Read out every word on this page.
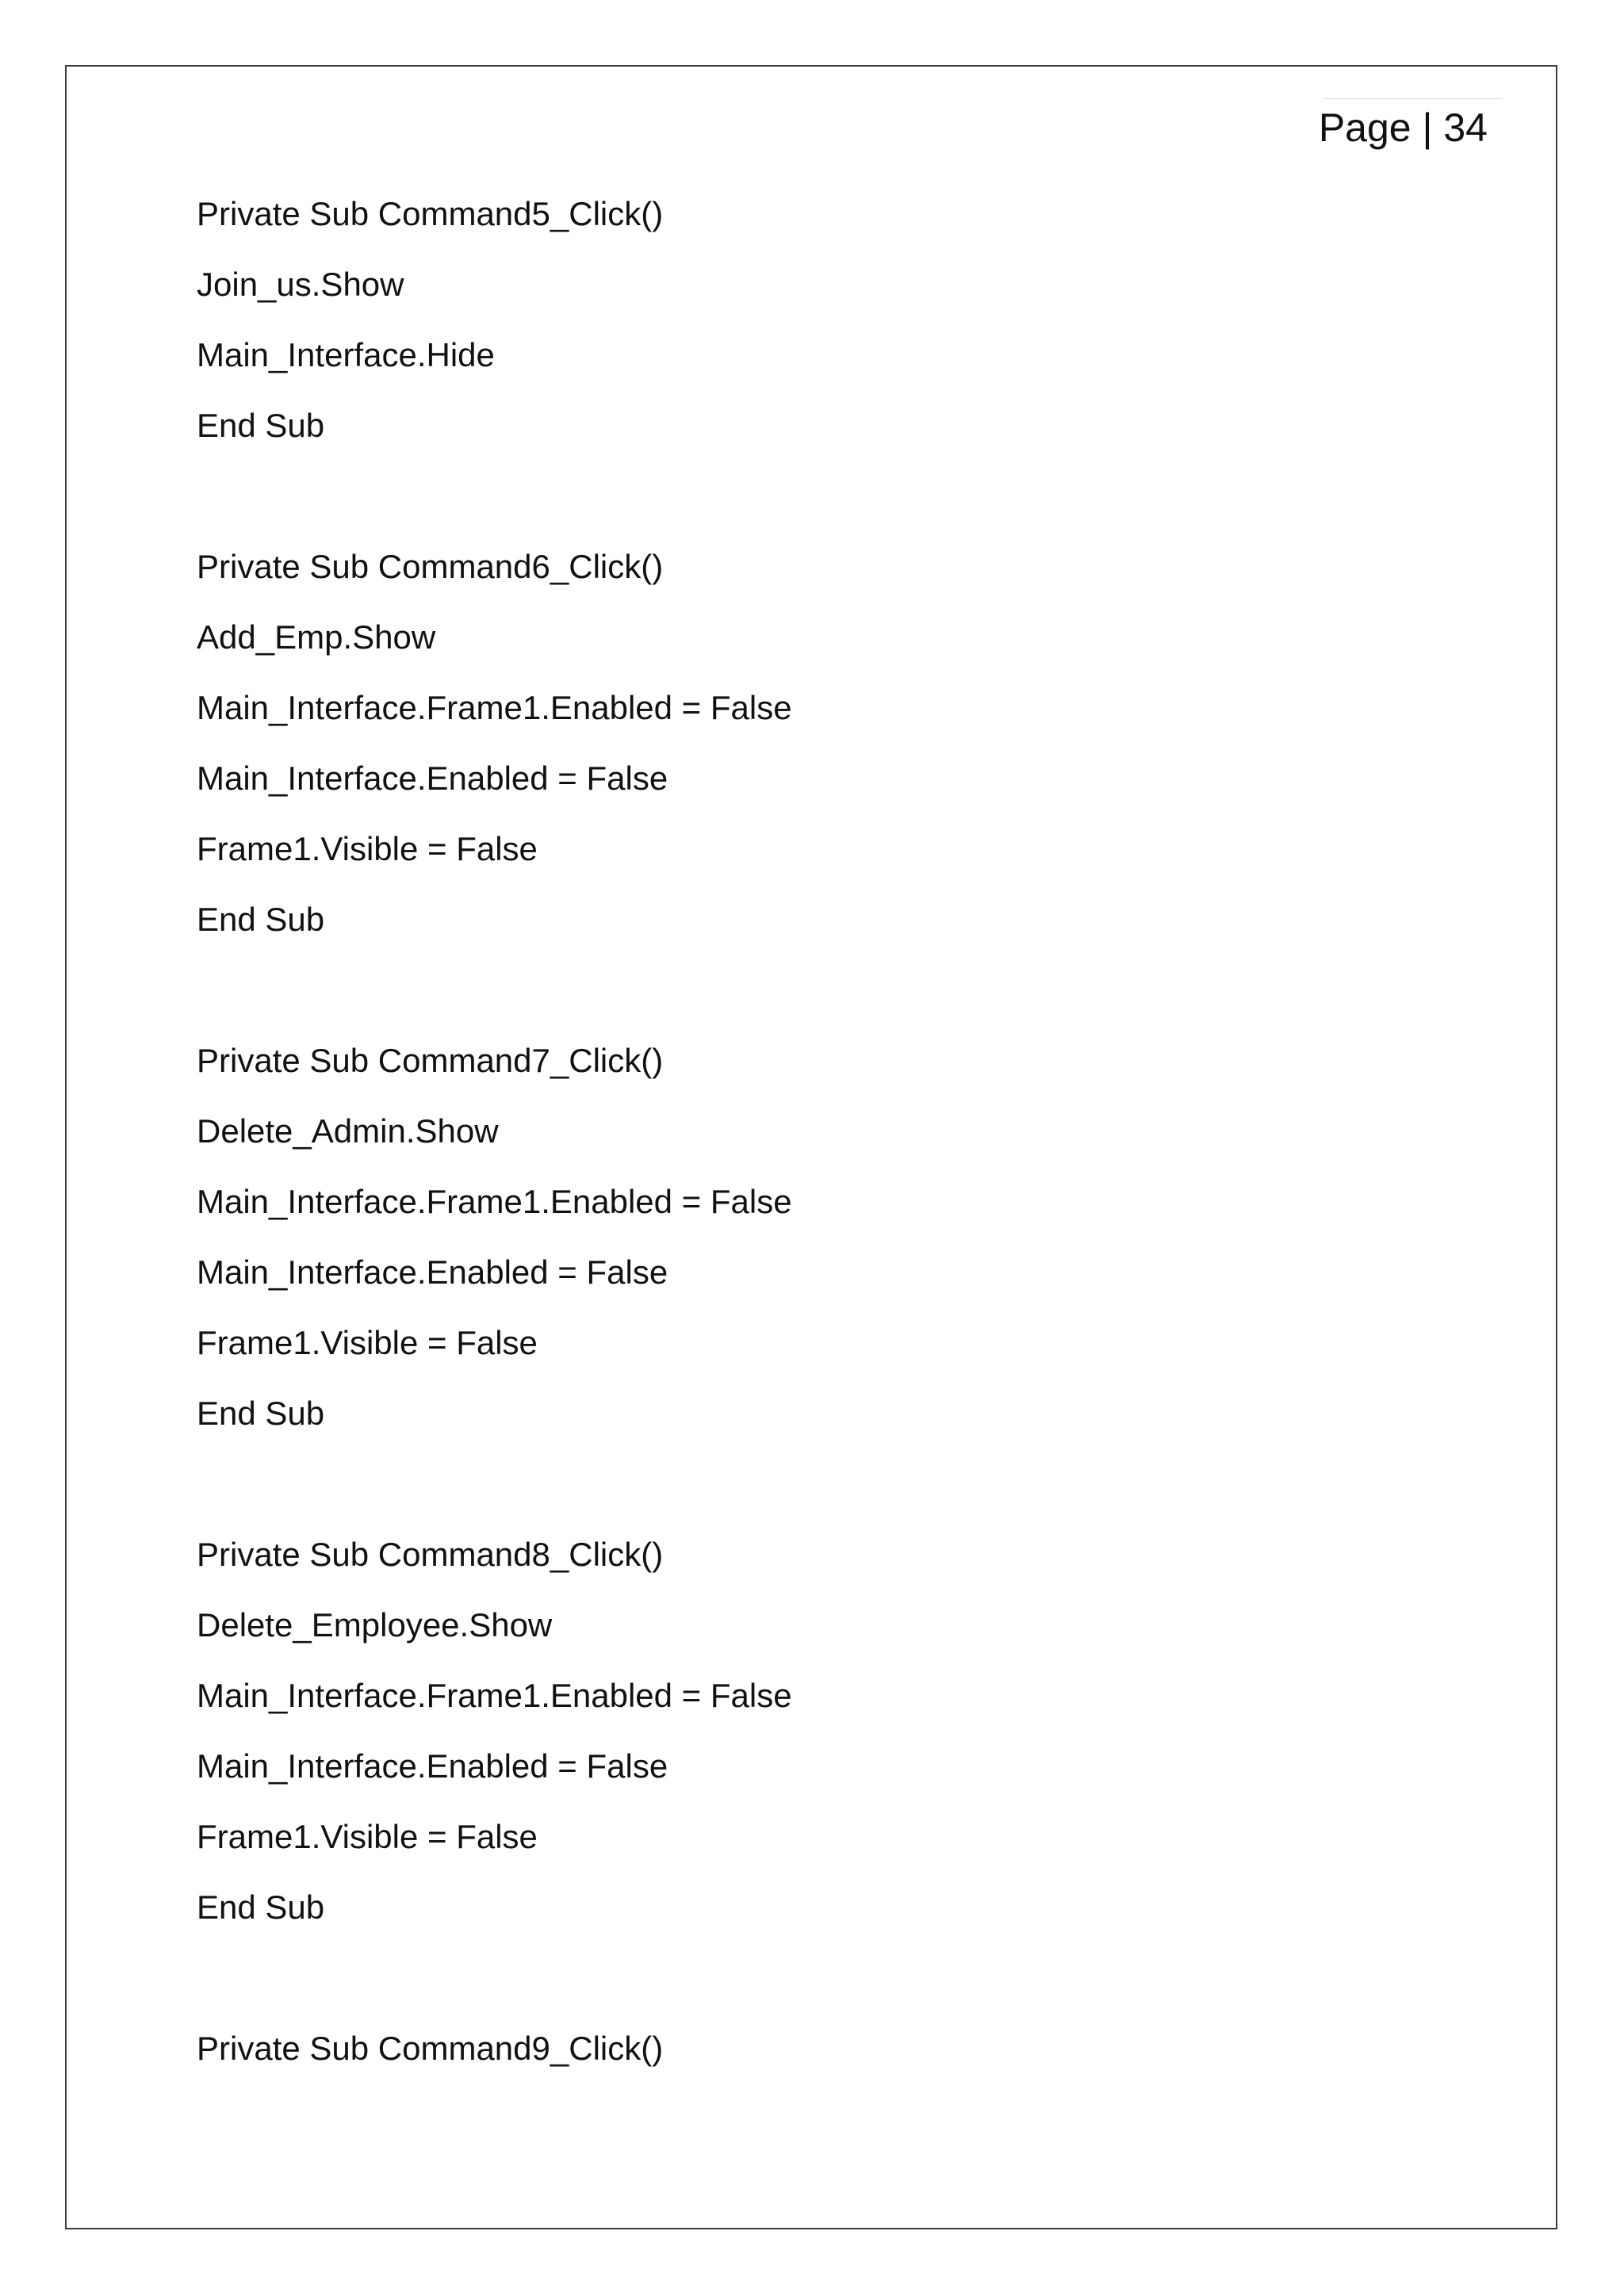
Page | 34
Private Sub Command5_Click()
Join_us.Show
Main_Interface.Hide
End Sub
Private Sub Command6_Click()
Add_Emp.Show
Main_Interface.Frame1.Enabled = False
Main_Interface.Enabled = False
Frame1.Visible = False
End Sub
Private Sub Command7_Click()
Delete_Admin.Show
Main_Interface.Frame1.Enabled = False
Main_Interface.Enabled = False
Frame1.Visible = False
End Sub
Private Sub Command8_Click()
Delete_Employee.Show
Main_Interface.Frame1.Enabled = False
Main_Interface.Enabled = False
Frame1.Visible = False
End Sub
Private Sub Command9_Click()
